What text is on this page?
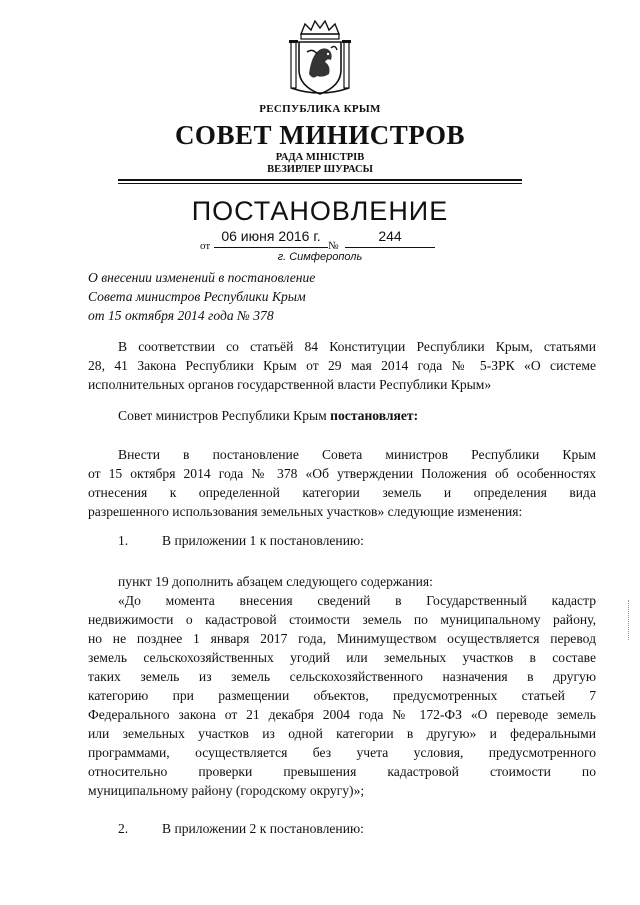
РЕСПУБЛИКА КРЫМ
СОВЕТ МИНИСТРОВ
РАДА МІНІСТРІВ
ВЕЗИРЛЕР ШУРАСЫ
ПОСТАНОВЛЕНИЕ
от
06 июня 2016 г.
№
244
г. Симферополь
О внесении изменений в постановление
Совета министров Республики Крым
от 15 октября 2014 года № 378
В соответствии со статьёй 84 Конституции Республики Крым, статьями
28, 41 Закона Республики Крым от 29 мая 2014 года № 5-ЗРК «О системе
исполнительных органов государственной власти Республики Крым»
Совет министров Республики Крым постановляет:
Внести в постановление Совета министров Республики Крым
от 15 октября 2014 года № 378 «Об утверждении Положения об особенностях
отнесения к определенной категории земель и определения вида
разрешенного использования земельных участков» следующие изменения:
1. В приложении 1 к постановлению:
пункт 19 дополнить абзацем следующего содержания:
«До момента внесения сведений в Государственный кадастр
недвижимости о кадастровой стоимости земель по муниципальному району,
но не позднее 1 января 2017 года, Минимуществом осуществляется перевод
земель сельскохозяйственных угодий или земельных участков в составе
таких земель из земель сельскохозяйственного назначения в другую
категорию при размещении объектов, предусмотренных статьей 7
Федерального закона от 21 декабря 2004 года № 172-ФЗ «О переводе земель
или земельных участков из одной категории в другую» и федеральными
программами, осуществляется без учета условия, предусмотренного
относительно проверки превышения кадастровой стоимости по
муниципальному району (городскому округу)»;
2. В приложении 2 к постановлению:
